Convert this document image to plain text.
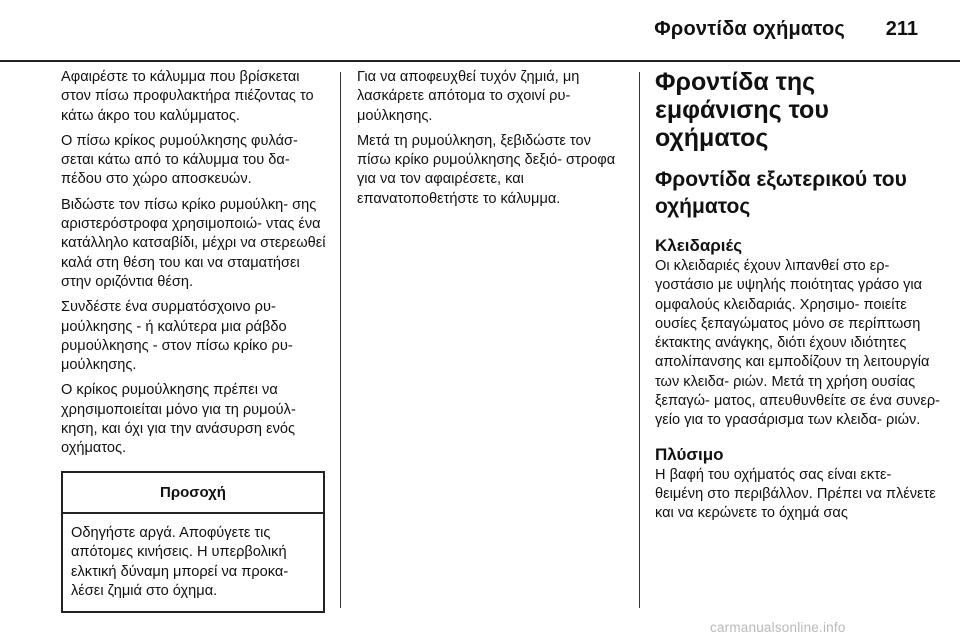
Φροντίδα οχήματος 211

Αφαιρέστε το κάλυμμα που βρίσκεται στον πίσω προφυλακτήρα πιέζοντας το κάτω άκρο του καλύμματος.

Ο πίσω κρίκος ρυμούλκησης φυλάσ- σεται κάτω από το κάλυμμα του δα- πέδου στο χώρο αποσκευών.

Βιδώστε τον πίσω κρίκο ρυμούλκη- σης αριστερόστροφα χρησιμοποιώ- ντας ένα κατάλληλο κατσαβίδι, μέχρι να στερεωθεί καλά στη θέση του και να σταματήσει στην οριζόντια θέση.

Συνδέστε ένα συρματόσχοινο ρυ- μούλκησης - ή καλύτερα μια ράβδο ρυμούλκησης - στον πίσω κρίκο ρυ- μούλκησης.

Ο κρίκος ρυμούλκησης πρέπει να χρησιμοποιείται μόνο για τη ρυμούλ- κηση, και όχι για την ανάσυρση ενός οχήματος.

Προσοχή
Οδηγήστε αργά. Αποφύγετε τις απότομες κινήσεις. Η υπερβολική ελκτική δύναμη μπορεί να προκα- λέσει ζημιά στο όχημα.

Για να αποφευχθεί τυχόν ζημιά, μη λασκάρετε απότομα το σχοινί ρυ- μούλκησης.

Μετά τη ρυμούλκηση, ξεβιδώστε τον πίσω κρίκο ρυμούλκησης δεξιό- στροφα για να τον αφαιρέσετε, και επανατοποθετήστε το κάλυμμα.

Φροντίδα της εμφάνισης του οχήματος
Φροντίδα εξωτερικού του οχήματος
Κλειδαριές

Οι κλειδαριές έχουν λιπανθεί στο ερ- γοστάσιο με υψηλής ποιότητας γράσο για ομφαλούς κλειδαριάς. Χρησιμο- ποιείτε ουσίες ξεπαγώματος μόνο σε περίπτωση έκτακτης ανάγκης, διότι έχουν ιδιότητες απολίπανσης και εμποδίζουν τη λειτουργία των κλειδα- ριών. Μετά τη χρήση ουσίας ξεπαγώ- ματος, απευθυνθείτε σε ένα συνερ- γείο για το γρασάρισμα των κλειδα- ριών.

Πλύσιμο

Η βαφή του οχήματός σας είναι εκτε- θειμένη στο περιβάλλον. Πρέπει να πλένετε και να κερώνετε το όχημά σας

carmanualsonline.info
